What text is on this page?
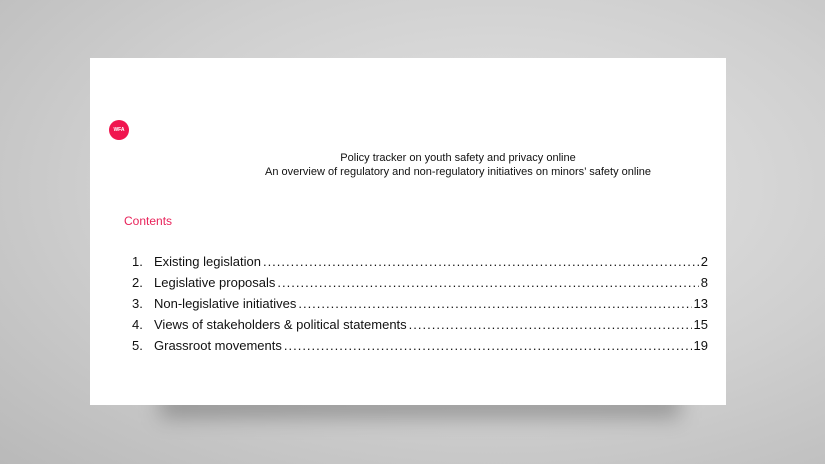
WFA
Policy tracker on youth safety and privacy online
An overview of regulatory and non-regulatory initiatives on minors’ safety online
Contents
1. Existing legislation .....	2
2. Legislative proposals .....	8
3. Non-legislative initiatives .....	13
4. Views of stakeholders & political statements .....	15
5. Grassroot movements .....	19
